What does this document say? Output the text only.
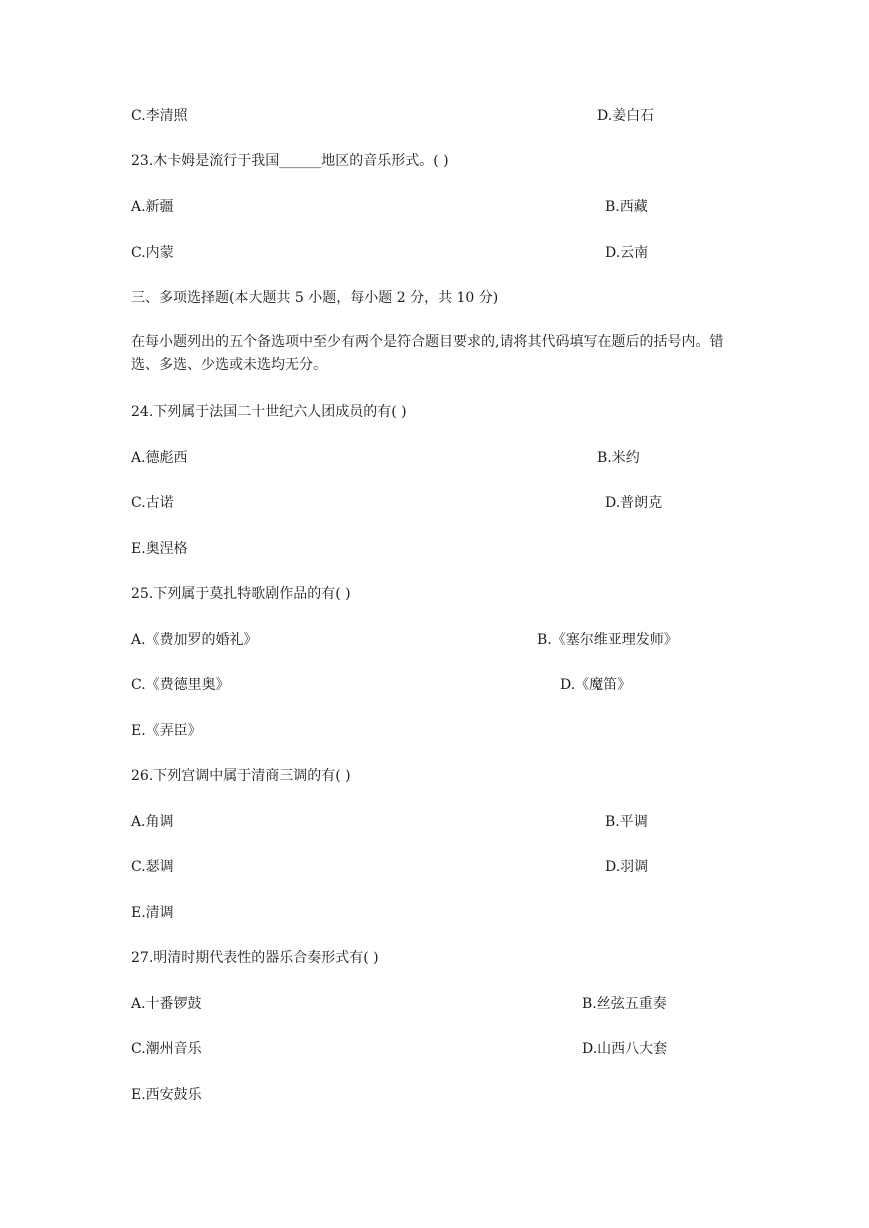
C.李清照	D.姜白石
23.木卡姆是流行于我国______地区的音乐形式。( )
A.新疆	B.西藏
C.内蒙	D.云南
三、多项选择题(本大题共 5 小题，每小题 2 分，共 10 分)
在每小题列出的五个备选项中至少有两个是符合题目要求的,请将其代码填写在题后的括号内。错选、多选、少选或未选均无分。
24.下列属于法国二十世纪六人团成员的有( )
A.德彪西	B.米约
C.古诺	D.普朗克
E.奥涅格
25.下列属于莫扎特歌剧作品的有( )
A.《费加罗的婚礼》	B.《塞尔维亚理发师》
C.《费德里奥》	D.《魔笛》
E.《弄臣》
26.下列宫调中属于清商三调的有( )
A.角调	B.平调
C.瑟调	D.羽调
E.清调
27.明清时期代表性的器乐合奏形式有( )
A.十番锣鼓	B.丝弦五重奏
C.潮州音乐	D.山西八大套
E.西安鼓乐
